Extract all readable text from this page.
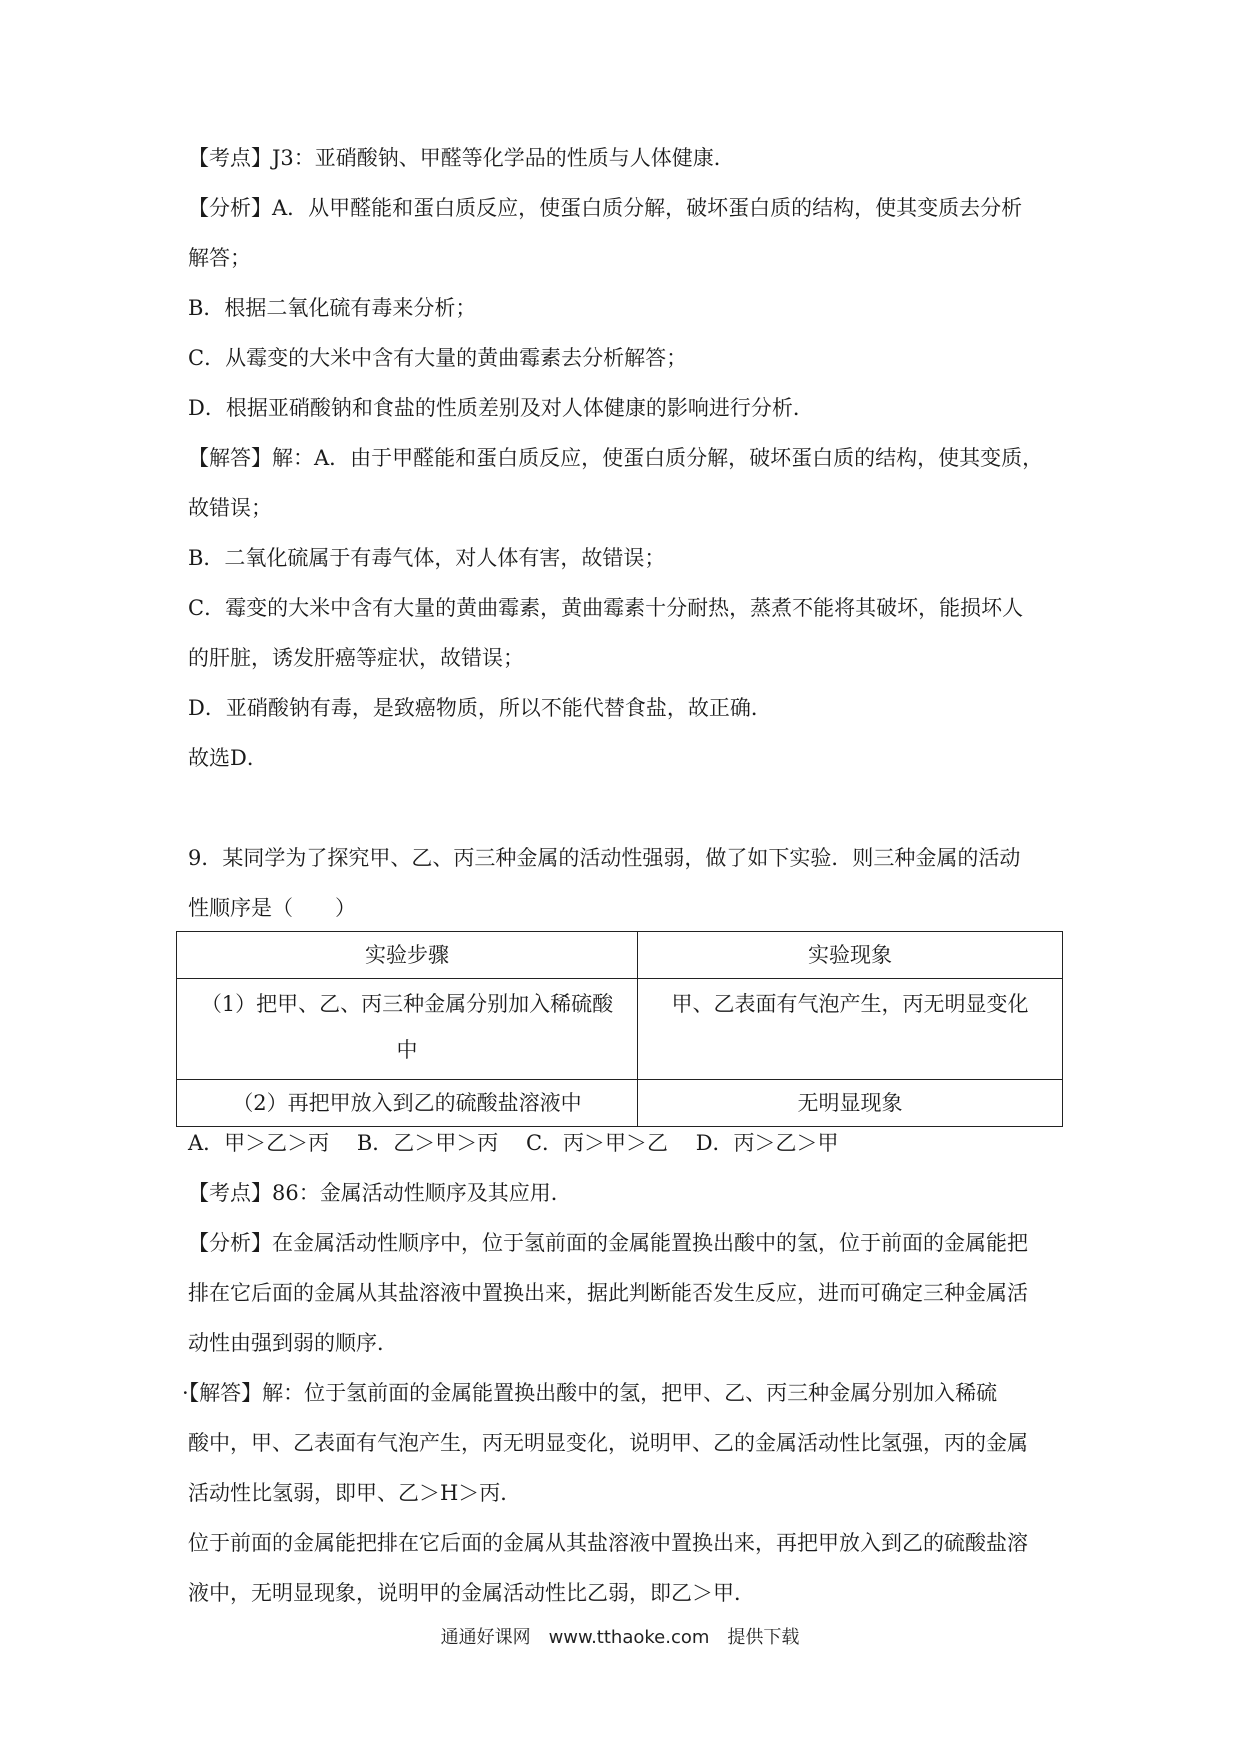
【考点】J3：亚硝酸钠、甲醛等化学品的性质与人体健康．
【分析】A．从甲醛能和蛋白质反应，使蛋白质分解，破坏蛋白质的结构，使其变质去分析
解答；
B．根据二氧化硫有毒来分析；
C．从霉变的大米中含有大量的黄曲霉素去分析解答；
D．根据亚硝酸钠和食盐的性质差别及对人体健康的影响进行分析．
【解答】解：A．由于甲醛能和蛋白质反应，使蛋白质分解，破坏蛋白质的结构，使其变质，
故错误；
B．二氧化硫属于有毒气体，对人体有害，故错误；
C．霉变的大米中含有大量的黄曲霉素，黄曲霉素十分耐热，蒸煮不能将其破坏，能损坏人
的肝脏，诱发肝癌等症状，故错误；
D．亚硝酸钠有毒，是致癌物质，所以不能代替食盐，故正确．
故选D．
9．某同学为了探究甲、乙、丙三种金属的活动性强弱，做了如下实验．则三种金属的活动
性顺序是（　　）
实验步骤	实验现象

（1）把甲、乙、丙三种金属分别加入稀硫酸
中	甲、乙表面有气泡产生，丙无明显变化
（2）再把甲放入到乙的硫酸盐溶液中	无明显现象
A．甲＞乙＞丙　 B．乙＞甲＞丙　 C．丙＞甲＞乙　 D．丙＞乙＞甲
【考点】86：金属活动性顺序及其应用．
【分析】在金属活动性顺序中，位于氢前面的金属能置换出酸中的氢，位于前面的金属能把
排在它后面的金属从其盐溶液中置换出来，据此判断能否发生反应，进而可确定三种金属活
动性由强到弱的顺序．
·【解答】解：位于氢前面的金属能置换出酸中的氢，把甲、乙、丙三种金属分别加入稀硫
酸中，甲、乙表面有气泡产生，丙无明显变化，说明甲、乙的金属活动性比氢强，丙的金属
活动性比氢弱，即甲、乙＞H＞丙．
位于前面的金属能把排在它后面的金属从其盐溶液中置换出来，再把甲放入到乙的硫酸盐溶
液中，无明显现象，说明甲的金属活动性比乙弱，即乙＞甲．
通通好课网　www.tthaoke.com　提供下载
